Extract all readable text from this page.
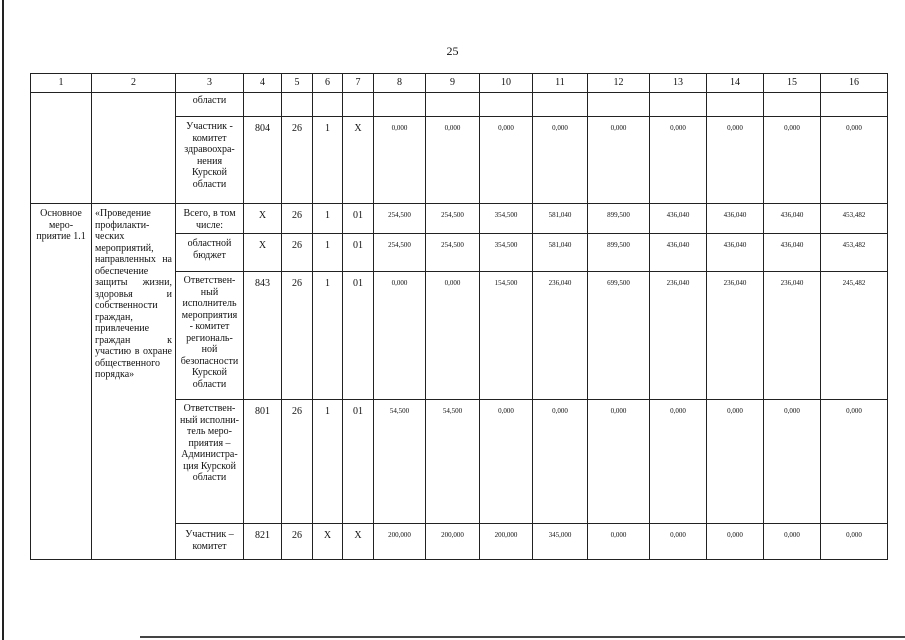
25
1	2	3	4	5	6	7	8	9	10	11	12	13	14	15	16
		области													
		Участник - комитет здравоохра-нения Курской области	804	26	1	Х	0,000	0,000	0,000	0,000	0,000	0,000	0,000	0,000	0,000
Основное меро-приятие 1.1	«Проведение профилакти-ческих мероприятий, направленных на обеспечение защиты жизни, здоровья и собственности граждан, привлечение граждан к участию в охране общественного порядка»	Всего, в том числе:	Х	26	1	01	254,500	254,500	354,500	581,040	899,500	436,040	436,040	436,040	453,482
		областной бюджет	Х	26	1	01	254,500	254,500	354,500	581,040	899,500	436,040	436,040	436,040	453,482
		Ответствен-ный исполнитель мероприятия - комитет региональ-ной безопасности Курской области	843	26	1	01	0,000	0,000	154,500	236,040	699,500	236,040	236,040	236,040	245,482
		Ответствен-ный исполни-тель меро-приятия – Администра-ция Курской области	801	26	1	01	54,500	54,500	0,000	0,000	0,000	0,000	0,000	0,000	0,000
		Участник – комитет	821	26	Х	Х	200,000	200,000	200,000	345,000	0,000	0,000	0,000	0,000	0,000
